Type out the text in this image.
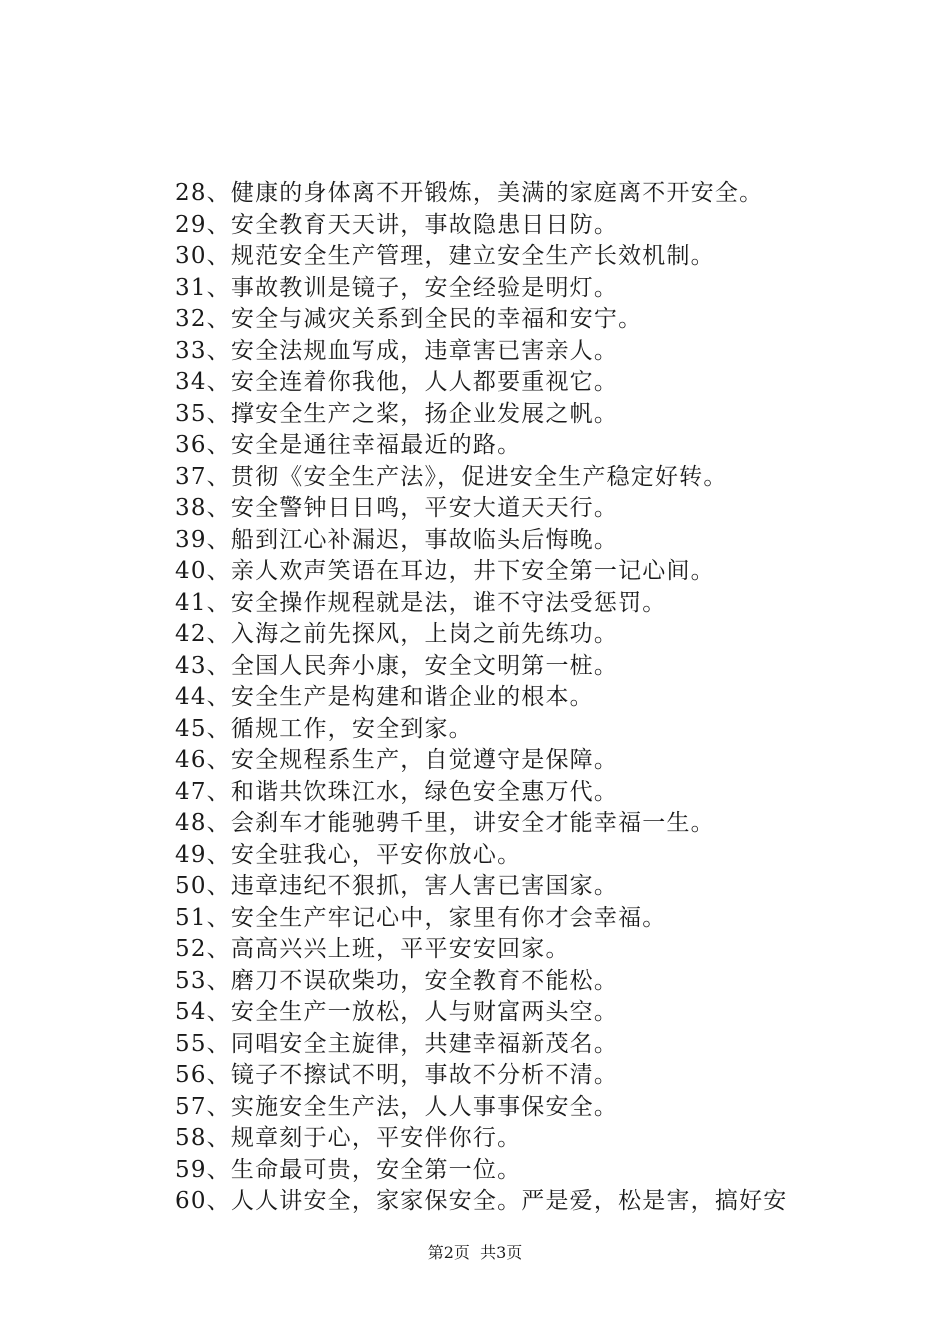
28 、 健康的身体离不开锻炼，美满的家庭离不开安全。
29 、 安全教育天天讲，事故隐患日日防。
30 、 规范安全生产管理，建立安全生产长效机制。
31 、 事故教训是镜子，安全经验是明灯。
32 、 安全与减灾关系到全民的幸福和安宁。
33 、 安全法规血写成，违章害已害亲人。
34 、 安全连着你我他，人人都要重视它。
35 、 撑安全生产之桨，扬企业发展之帆。
36 、 安全是通往幸福最近的路。
37 、 贯彻《安全生产法》，促进安全生产稳定好转。
38 、 安全警钟日日鸣，平安大道天天行。
39 、 船到江心补漏迟，事故临头后悔晚。
40 、 亲人欢声笑语在耳边，井下安全第一记心间。
41 、 安全操作规程就是法，谁不守法受惩罚。
42 、 入海之前先探风，上岗之前先练功。
43 、 全国人民奔小康，安全文明第一桩。
44 、 安全生产是构建和谐企业的根本。
45 、 循规工作，安全到家。
46 、 安全规程系生产，自觉遵守是保障。
47 、 和谐共饮珠江水，绿色安全惠万代。
48 、 会刹车才能驰骋千里，讲安全才能幸福一生。
49 、 安全驻我心，平安你放心。
50 、 违章违纪不狠抓，害人害已害国家。
51 、 安全生产牢记心中，家里有你才会幸福。
52 、 高高兴兴上班，平平安安回家。
53 、 磨刀不误砍柴功，安全教育不能松。
54 、 安全生产一放松，人与财富两头空。
55 、 同唱安全主旋律，共建幸福新茂名。
56 、 镜子不擦试不明，事故不分析不清。
57 、 实施安全生产法，人人事事保安全。
58 、 规章刻于心，平安伴你行。
59 、 生命最可贵，安全第一位。
60 、 人人讲安全，家家保安全。严是爱，松是害，搞好安
第2页  共3页
